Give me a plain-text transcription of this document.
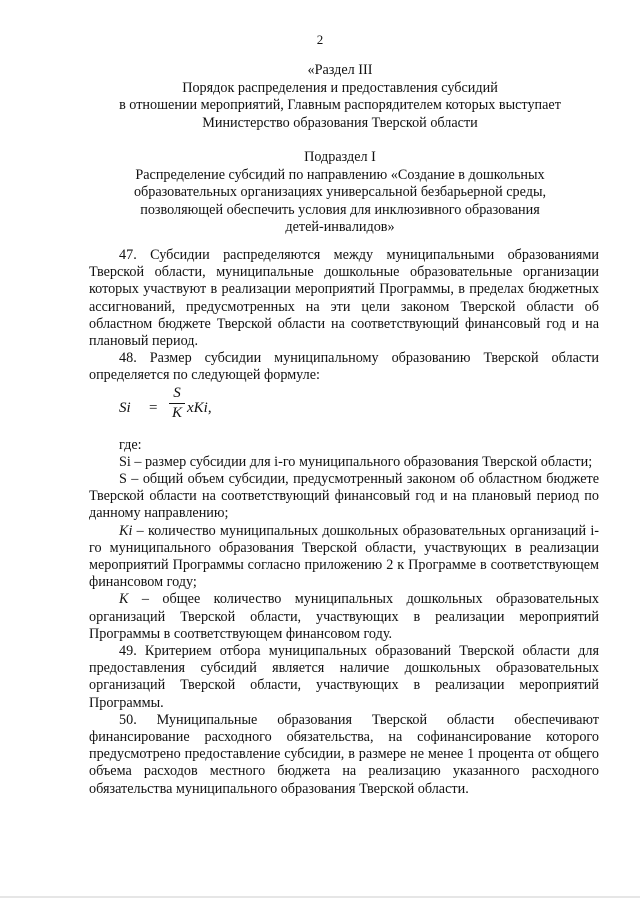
2
«Раздел III
Порядок распределения и предоставления субсидий
в отношении мероприятий, Главным распорядителем которых выступает
Министерство образования Тверской области
Подраздел I
Распределение субсидий по направлению «Создание в дошкольных
образовательных организациях универсальной безбарьерной среды,
позволяющей обеспечить условия для инклюзивного образования
детей-инвалидов»

47. Субсидии распределяются между муниципальными образованиями Тверской области, муниципальные дошкольные образовательные организации которых участвуют в реализации мероприятий Программы, в пределах бюджетных ассигнований, предусмотренных на эти цели законом Тверской области об областном бюджете Тверской области на соответствующий финансовый год и на плановый период.

48. Размер субсидии муниципальному образованию Тверской области определяется по следующей формуле:

Si =
S
K xKi,

где:

Si – размер субсидии для i-го муниципального образования Тверской области;

S – общий объем субсидии, предусмотренный законом об областном бюджете Тверской области на соответствующий финансовый год и на плановый период по данному направлению;

Ki – количество муниципальных дошкольных образовательных организаций i-го муниципального образования Тверской области, участвующих в реализации мероприятий Программы согласно приложению 2 к Программе в соответствующем финансовом году;

K – общее количество муниципальных дошкольных образовательных организаций Тверской области, участвующих в реализации мероприятий Программы в соответствующем финансовом году.

49. Критерием отбора муниципальных образований Тверской области для предоставления субсидий является наличие дошкольных образовательных организаций Тверской области, участвующих в реализации мероприятий Программы.

50. Муниципальные образования Тверской области обеспечивают финансирование расходного обязательства, на софинансирование которого предусмотрено предоставление субсидии, в размере не менее 1 процента от общего объема расходов местного бюджета на реализацию указанного расходного обязательства муниципального образования Тверской области.
